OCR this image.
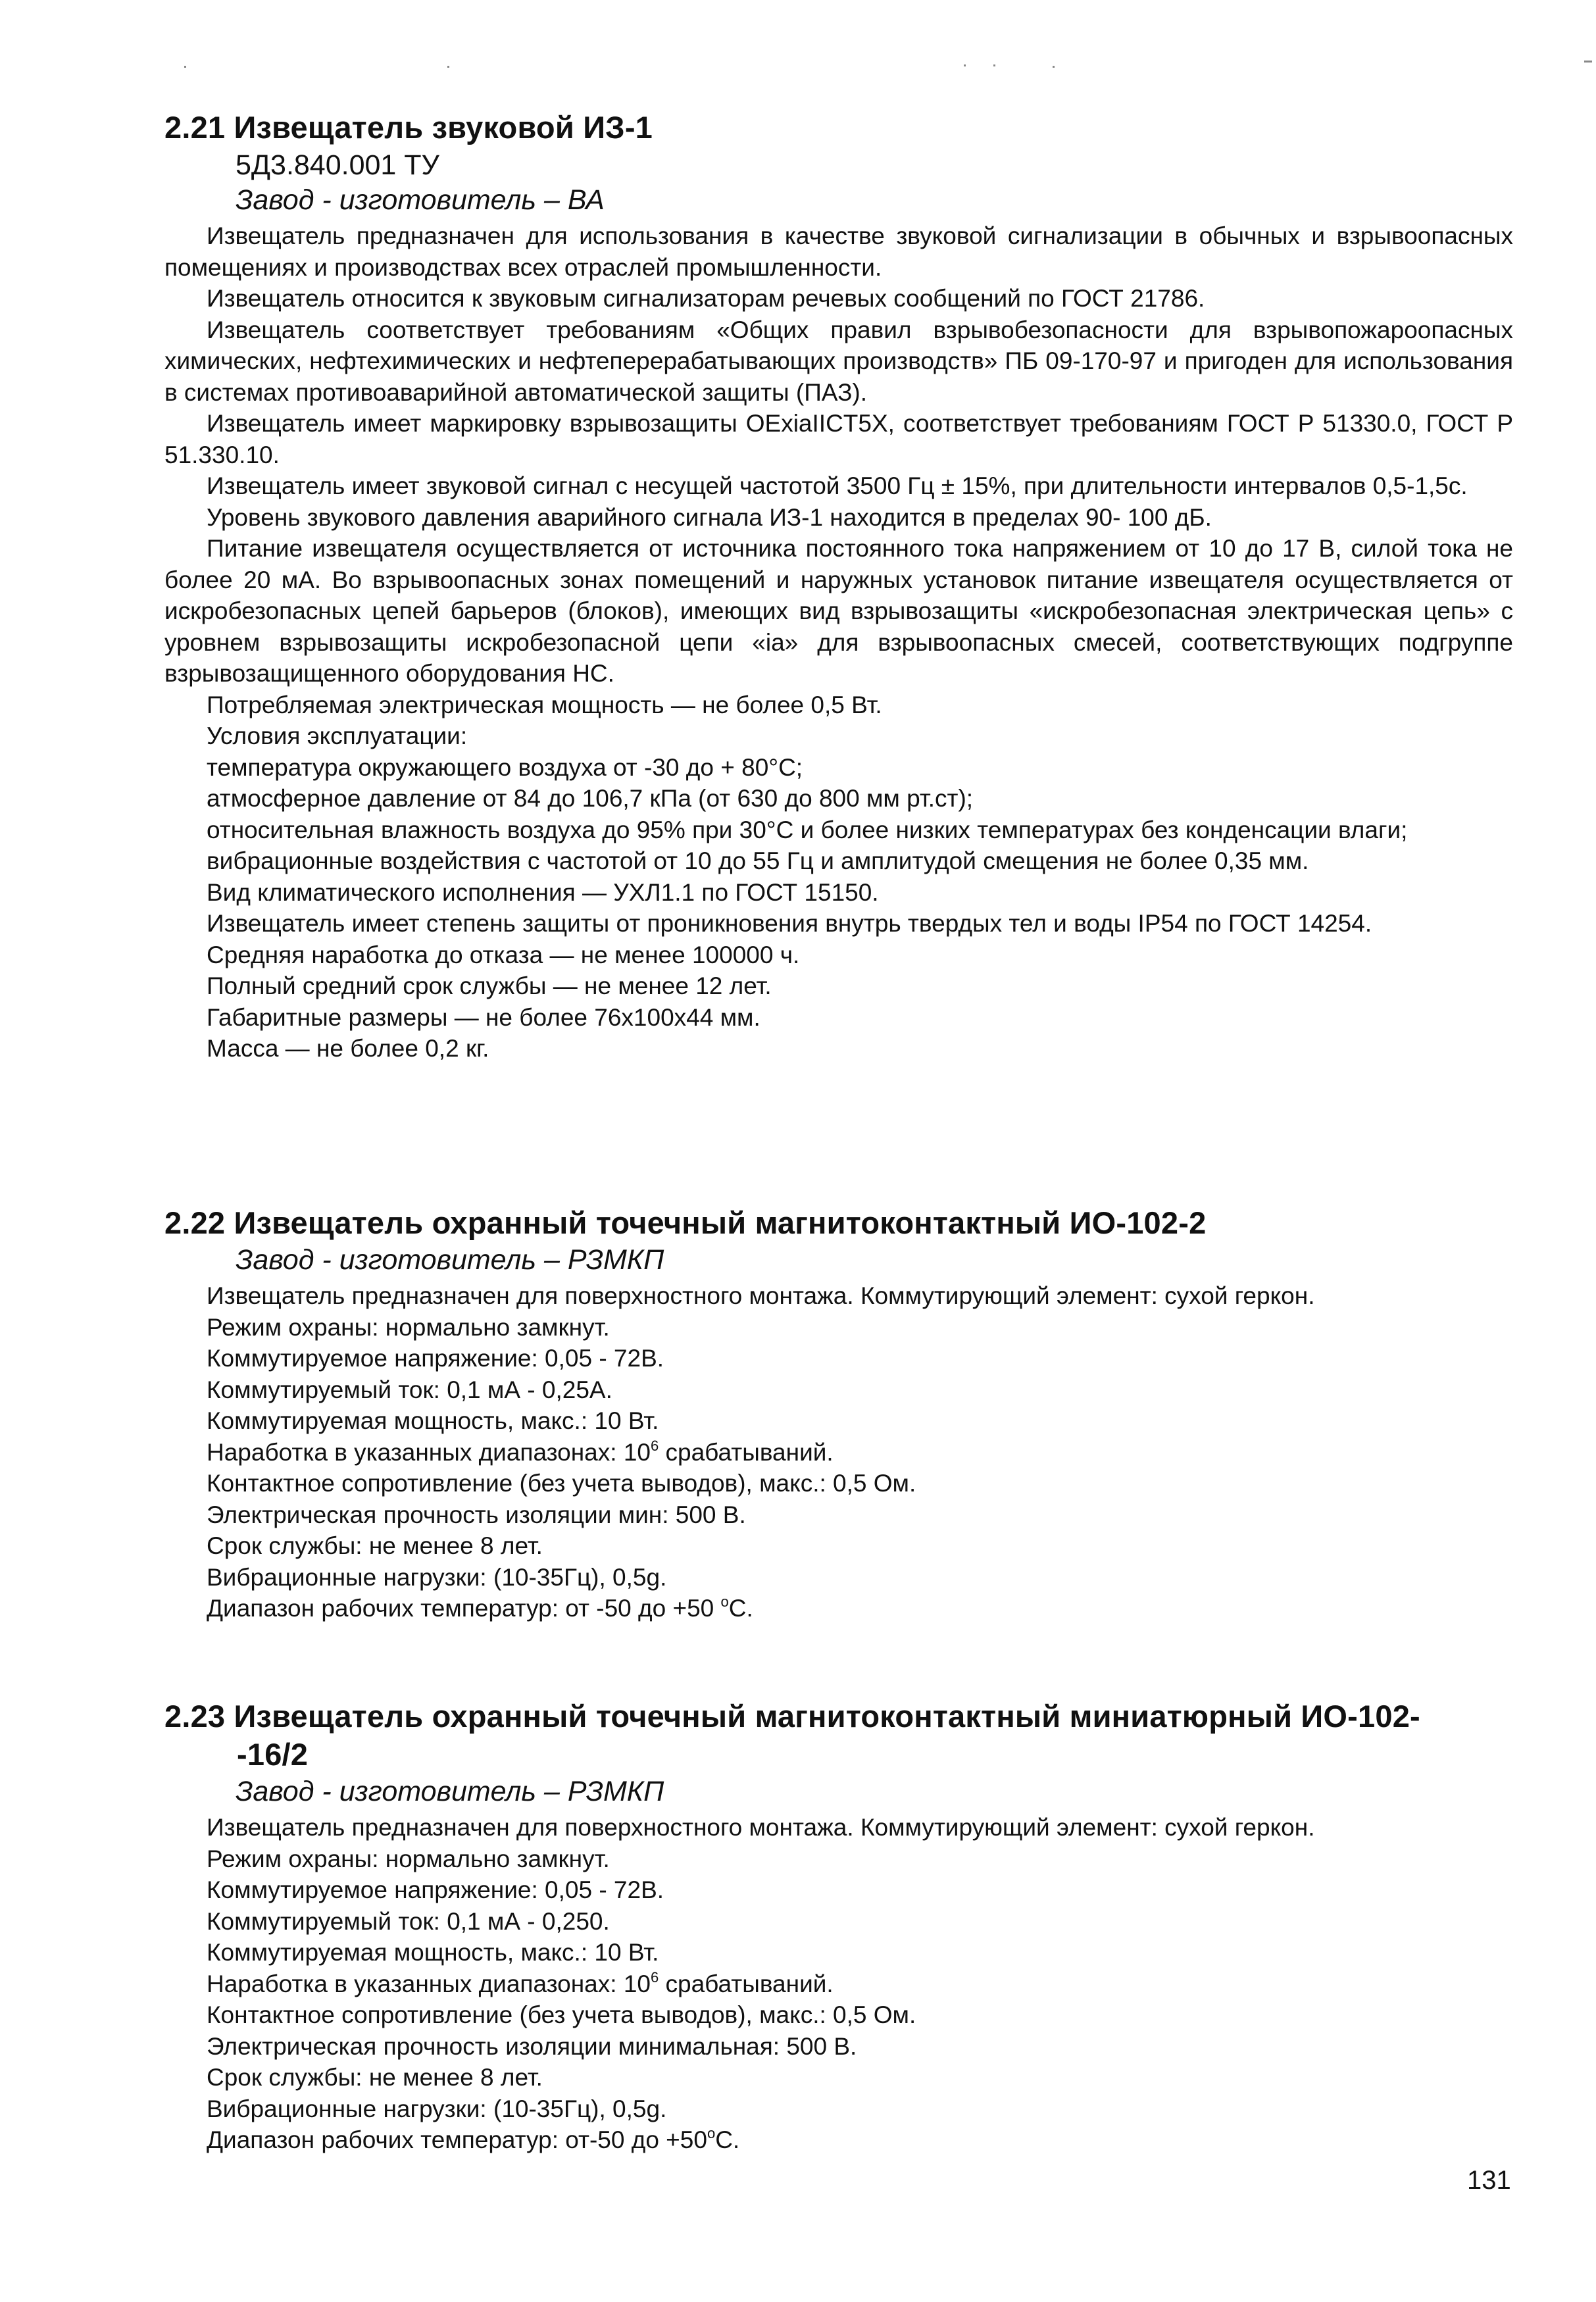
2.21 Извещатель звуковой ИЗ-1
5Д3.840.001 ТУ
Завод - изготовитель – ВА

Извещатель предназначен для использования в качестве звуковой сигнализации в обычных и взрывоопасных помещениях и производствах всех отраслей промышленности.

Извещатель относится к звуковым сигнализаторам речевых сообщений по ГОСТ 21786.

Извещатель соответствует требованиям «Общих правил взрывобезопасности для взрывопожароопасных химических, нефтехимических и нефтеперерабатывающих производств» ПБ 09-170-97 и пригоден для использования в системах противоаварийной автоматической защиты (ПАЗ).

Извещатель имеет маркировку взрывозащиты OExiaIICT5X, соответствует требованиям ГОСТ Р 51330.0, ГОСТ Р 51.330.10.

Извещатель имеет звуковой сигнал с несущей частотой 3500 Гц ± 15%, при длительности интервалов 0,5-1,5с.

Уровень звукового давления аварийного сигнала ИЗ-1 находится в пределах 90- 100 дБ.

Питание извещателя осуществляется от источника постоянного тока напряжением от 10 до 17 В, силой тока не более 20 мА. Во взрывоопасных зонах помещений и наружных установок питание извещателя осуществляется от искробезопасных цепей барьеров (блоков), имеющих вид взрывозащиты «искробезопасная электрическая цепь» с уровнем взрывозащиты искробезопасной цепи «ia» для взрывоопасных смесей, соответствующих подгруппе взрывозащищенного оборудования НС.

Потребляемая электрическая мощность — не более 0,5 Вт.

Условия эксплуатации:

температура окружающего воздуха от -30 до + 80°С;

атмосферное давление от 84 до 106,7 кПа (от 630 до 800 мм рт.ст);

относительная влажность воздуха до 95% при 30°С и более низких температурах без конденсации влаги;

вибрационные воздействия с частотой от 10 до 55 Гц и амплитудой смещения не более 0,35 мм.

Вид климатического исполнения — УХЛ1.1 по ГОСТ 15150.

Извещатель имеет степень защиты от проникновения внутрь твердых тел и воды IP54 по ГОСТ 14254.

Средняя наработка до отказа — не менее 100000 ч.

Полный средний срок службы — не менее 12 лет.

Габаритные размеры — не более 76х100х44 мм.

Масса — не более 0,2 кг.

2.22 Извещатель охранный точечный магнитоконтактный ИО-102-2
Завод - изготовитель – РЗМКП

Извещатель предназначен для поверхностного монтажа. Коммутирующий элемент: сухой геркон.

Режим охраны: нормально замкнут.

Коммутируемое напряжение: 0,05 - 72В.

Коммутируемый ток: 0,1 мА - 0,25А.

Коммутируемая мощность, макс.: 10 Вт.

Наработка в указанных диапазонах: $10^6$ срабатываний.

Контактное сопротивление (без учета выводов), макс.: 0,5 Ом.

Электрическая прочность изоляции мин: 500 В.

Срок службы: не менее 8 лет.

Вибрационные нагрузки: (10-35Гц), 0,5g.

Диапазон рабочих температур: от -50 до +50 $^o$С.

2.23 Извещатель охранный точечный магнитоконтактный миниатюрный ИО-102-
-16/2
Завод - изготовитель – РЗМКП

Извещатель предназначен для поверхностного монтажа. Коммутирующий элемент: сухой геркон.

Режим охраны: нормально замкнут.

Коммутируемое напряжение: 0,05 - 72В.

Коммутируемый ток: 0,1 мА - 0,250.

Коммутируемая мощность, макс.: 10 Вт.

Наработка в указанных диапазонах: $10^6$ срабатываний.

Контактное сопротивление (без учета выводов), макс.: 0,5 Ом.

Электрическая прочность изоляции минимальная: 500 В.

Срок службы: не менее 8 лет.

Вибрационные нагрузки: (10-35Гц), 0,5g.

Диапазон рабочих температур: от-50 до $+50^oС$.

131
